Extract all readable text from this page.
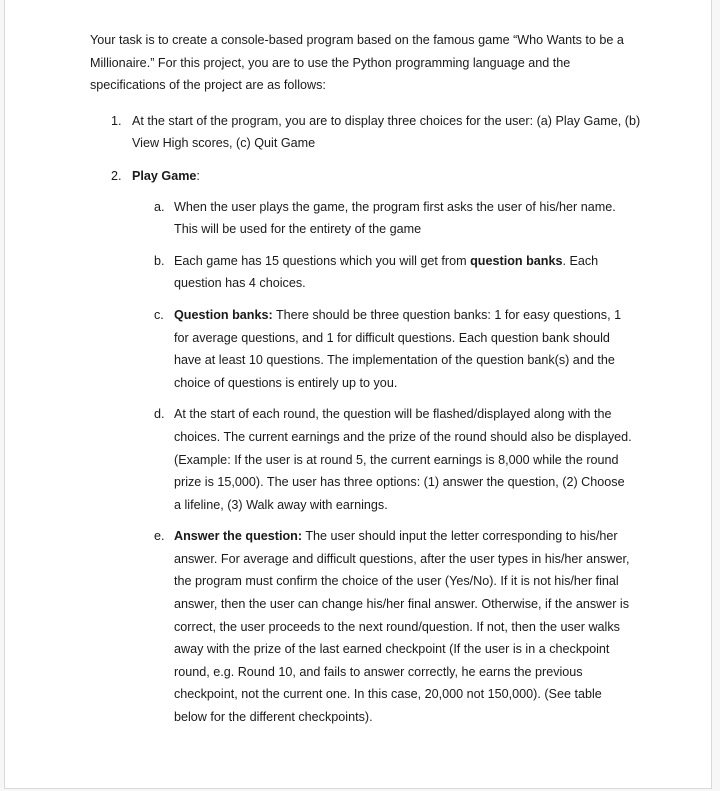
Your task is to create a console-based program based on the famous game “Who Wants to be a Millionaire.” For this project, you are to use the Python programming language and the specifications of the project are as follows:

1. At the start of the program, you are to display three choices for the user: (a) Play Game, (b) View High scores, (c) Quit Game

2. Play Game:

a. When the user plays the game, the program first asks the user of his/her name. This will be used for the entirety of the game

b. Each game has 15 questions which you will get from question banks. Each question has 4 choices.

c. Question banks: There should be three question banks: 1 for easy questions, 1 for average questions, and 1 for difficult questions. Each question bank should have at least 10 questions. The implementation of the question bank(s) and the choice of questions is entirely up to you.

d. At the start of each round, the question will be flashed/displayed along with the choices. The current earnings and the prize of the round should also be displayed. (Example: If the user is at round 5, the current earnings is 8,000 while the round prize is 15,000). The user has three options: (1) answer the question, (2) Choose a lifeline, (3) Walk away with earnings.

e. Answer the question: The user should input the letter corresponding to his/her answer. For average and difficult questions, after the user types in his/her answer, the program must confirm the choice of the user (Yes/No). If it is not his/her final answer, then the user can change his/her final answer. Otherwise, if the answer is correct, the user proceeds to the next round/question. If not, then the user walks away with the prize of the last earned checkpoint (If the user is in a checkpoint round, e.g. Round 10, and fails to answer correctly, he earns the previous checkpoint, not the current one. In this case, 20,000 not 150,000). (See table below for the different checkpoints).
